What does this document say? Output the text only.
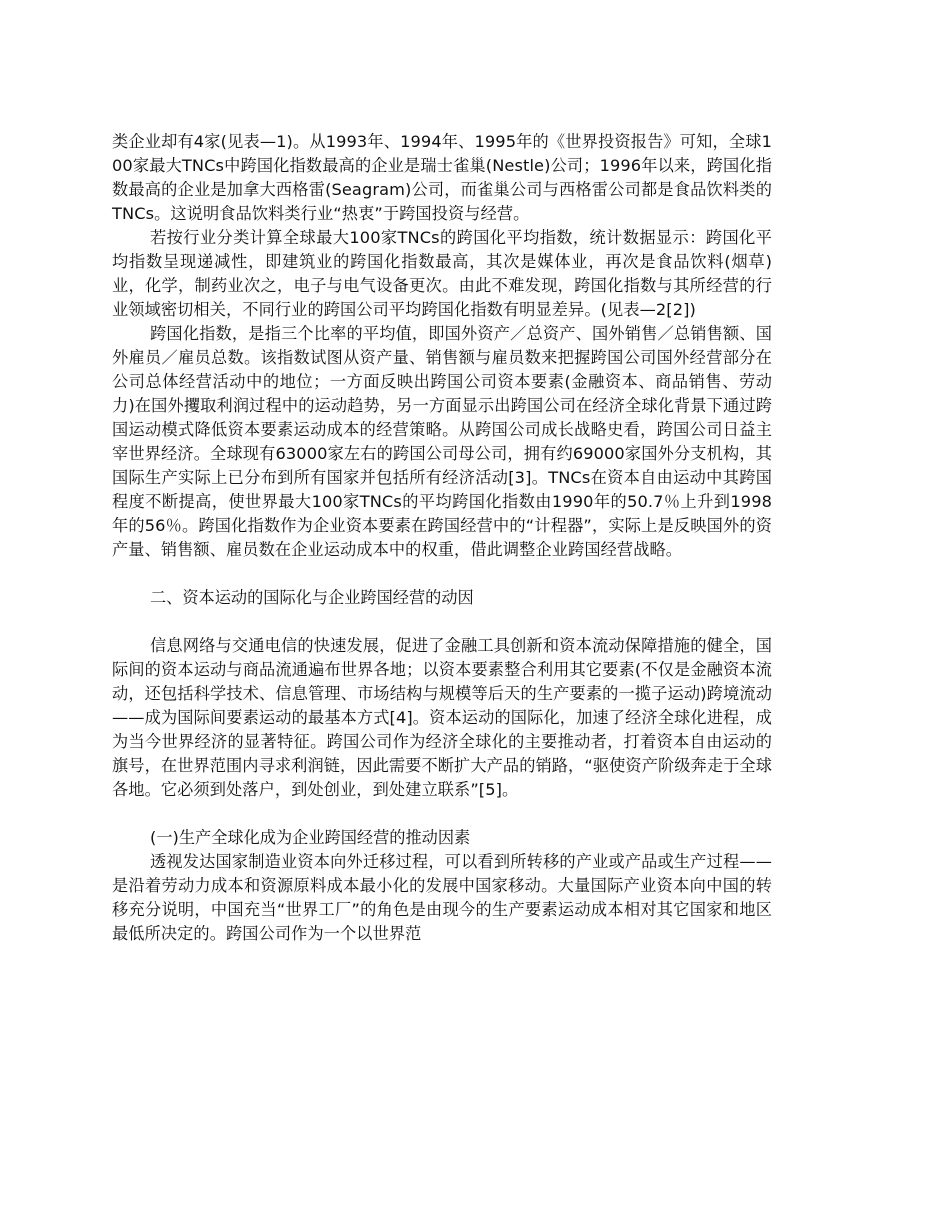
类企业却有4家(见表—1)。从1993年、1994年、1995年的《世界投资报告》可知，全球100家最大TNCs中跨国化指数最高的企业是瑞士雀巢(Nestle)公司；1996年以来，跨国化指数最高的企业是加拿大西格雷(Seagram)公司，而雀巢公司与西格雷公司都是食品饮料类的TNCs。这说明食品饮料类行业“热衷”于跨国投资与经营。

若按行业分类计算全球最大100家TNCs的跨国化平均指数，统计数据显示：跨国化平均指数呈现递减性，即建筑业的跨国化指数最高，其次是媒体业，再次是食品饮料(烟草)业，化学，制药业次之，电子与电气设备更次。由此不难发现，跨国化指数与其所经营的行业领域密切相关，不同行业的跨国公司平均跨国化指数有明显差异。(见表—2[2])

跨国化指数，是指三个比率的平均值，即国外资产／总资产、国外销售／总销售额、国外雇员／雇员总数。该指数试图从资产量、销售额与雇员数来把握跨国公司国外经营部分在公司总体经营活动中的地位；一方面反映出跨国公司资本要素(金融资本、商品销售、劳动力)在国外攫取利润过程中的运动趋势，另一方面显示出跨国公司在经济全球化背景下通过跨国运动模式降低资本要素运动成本的经营策略。从跨国公司成长战略史看，跨国公司日益主宰世界经济。全球现有63000家左右的跨国公司母公司，拥有约69000家国外分支机构，其国际生产实际上已分布到所有国家并包括所有经济活动[3]。TNCs在资本自由运动中其跨国程度不断提高，使世界最大100家TNCs的平均跨国化指数由1990年的50.7％上升到1998年的56％。跨国化指数作为企业资本要素在跨国经营中的“计程器”，实际上是反映国外的资产量、销售额、雇员数在企业运动成本中的权重，借此调整企业跨国经营战略。

二、资本运动的国际化与企业跨国经营的动因

信息网络与交通电信的快速发展，促进了金融工具创新和资本流动保障措施的健全，国际间的资本运动与商品流通遍布世界各地；以资本要素整合利用其它要素(不仅是金融资本流动，还包括科学技术、信息管理、市场结构与规模等后天的生产要素的一揽子运动)跨境流动——成为国际间要素运动的最基本方式[4]。资本运动的国际化，加速了经济全球化进程，成为当今世界经济的显著特征。跨国公司作为经济全球化的主要推动者，打着资本自由运动的旗号，在世界范围内寻求利润链，因此需要不断扩大产品的销路，“驱使资产阶级奔走于全球各地。它必须到处落户，到处创业，到处建立联系”[5]。

(一)生产全球化成为企业跨国经营的推动因素

透视发达国家制造业资本向外迁移过程，可以看到所转移的产业或产品或生产过程——是沿着劳动力成本和资源原料成本最小化的发展中国家移动。大量国际产业资本向中国的转移充分说明，中国充当“世界工厂”的角色是由现今的生产要素运动成本相对其它国家和地区最低所决定的。跨国公司作为一个以世界范
